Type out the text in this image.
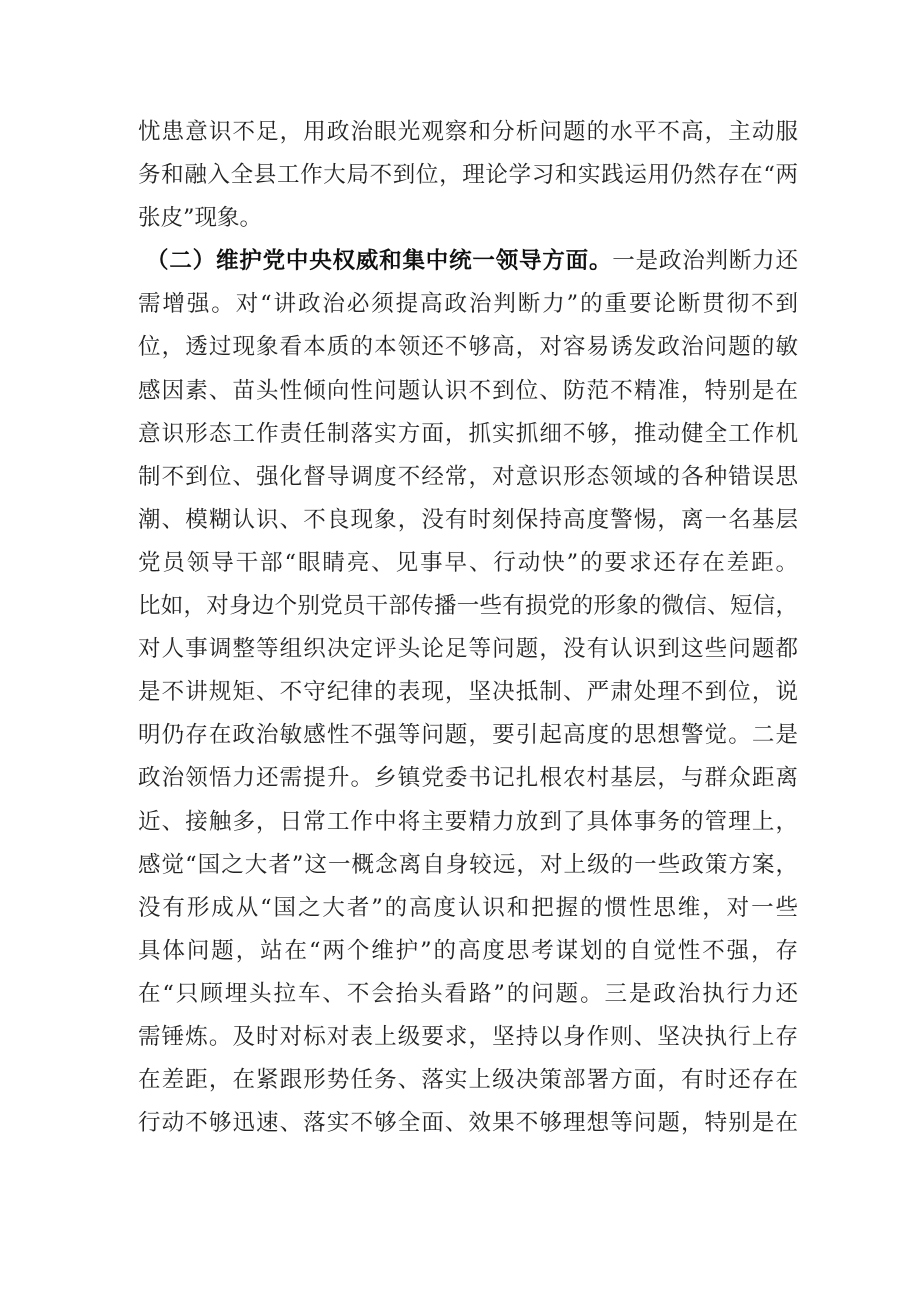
忧患意识不足，用政治眼光观察和分析问题的水平不高，主动服
务和融入全县工作大局不到位，理论学习和实践运用仍然存在“两
张皮”现象。
（二）维护党中央权威和集中统一领导方面。一是政治判断力还
需增强。对“讲政治必须提高政治判断力”的重要论断贯彻不到
位，透过现象看本质的本领还不够高，对容易诱发政治问题的敏
感因素、苗头性倾向性问题认识不到位、防范不精准，特别是在
意识形态工作责任制落实方面，抓实抓细不够，推动健全工作机
制不到位、强化督导调度不经常，对意识形态领域的各种错误思
潮、模糊认识、不良现象，没有时刻保持高度警惕，离一名基层
党员领导干部“眼睛亮、见事早、行动快”的要求还存在差距。
比如，对身边个别党员干部传播一些有损党的形象的微信、短信，
对人事调整等组织决定评头论足等问题，没有认识到这些问题都
是不讲规矩、不守纪律的表现，坚决抵制、严肃处理不到位，说
明仍存在政治敏感性不强等问题，要引起高度的思想警觉。二是
政治领悟力还需提升。乡镇党委书记扎根农村基层，与群众距离
近、接触多，日常工作中将主要精力放到了具体事务的管理上，
感觉“国之大者”这一概念离自身较远，对上级的一些政策方案，
没有形成从“国之大者”的高度认识和把握的惯性思维，对一些
具体问题，站在“两个维护”的高度思考谋划的自觉性不强，存
在“只顾埋头拉车、不会抬头看路”的问题。三是政治执行力还
需锤炼。及时对标对表上级要求，坚持以身作则、坚决执行上存
在差距，在紧跟形势任务、落实上级决策部署方面，有时还存在
行动不够迅速、落实不够全面、效果不够理想等问题，特别是在
